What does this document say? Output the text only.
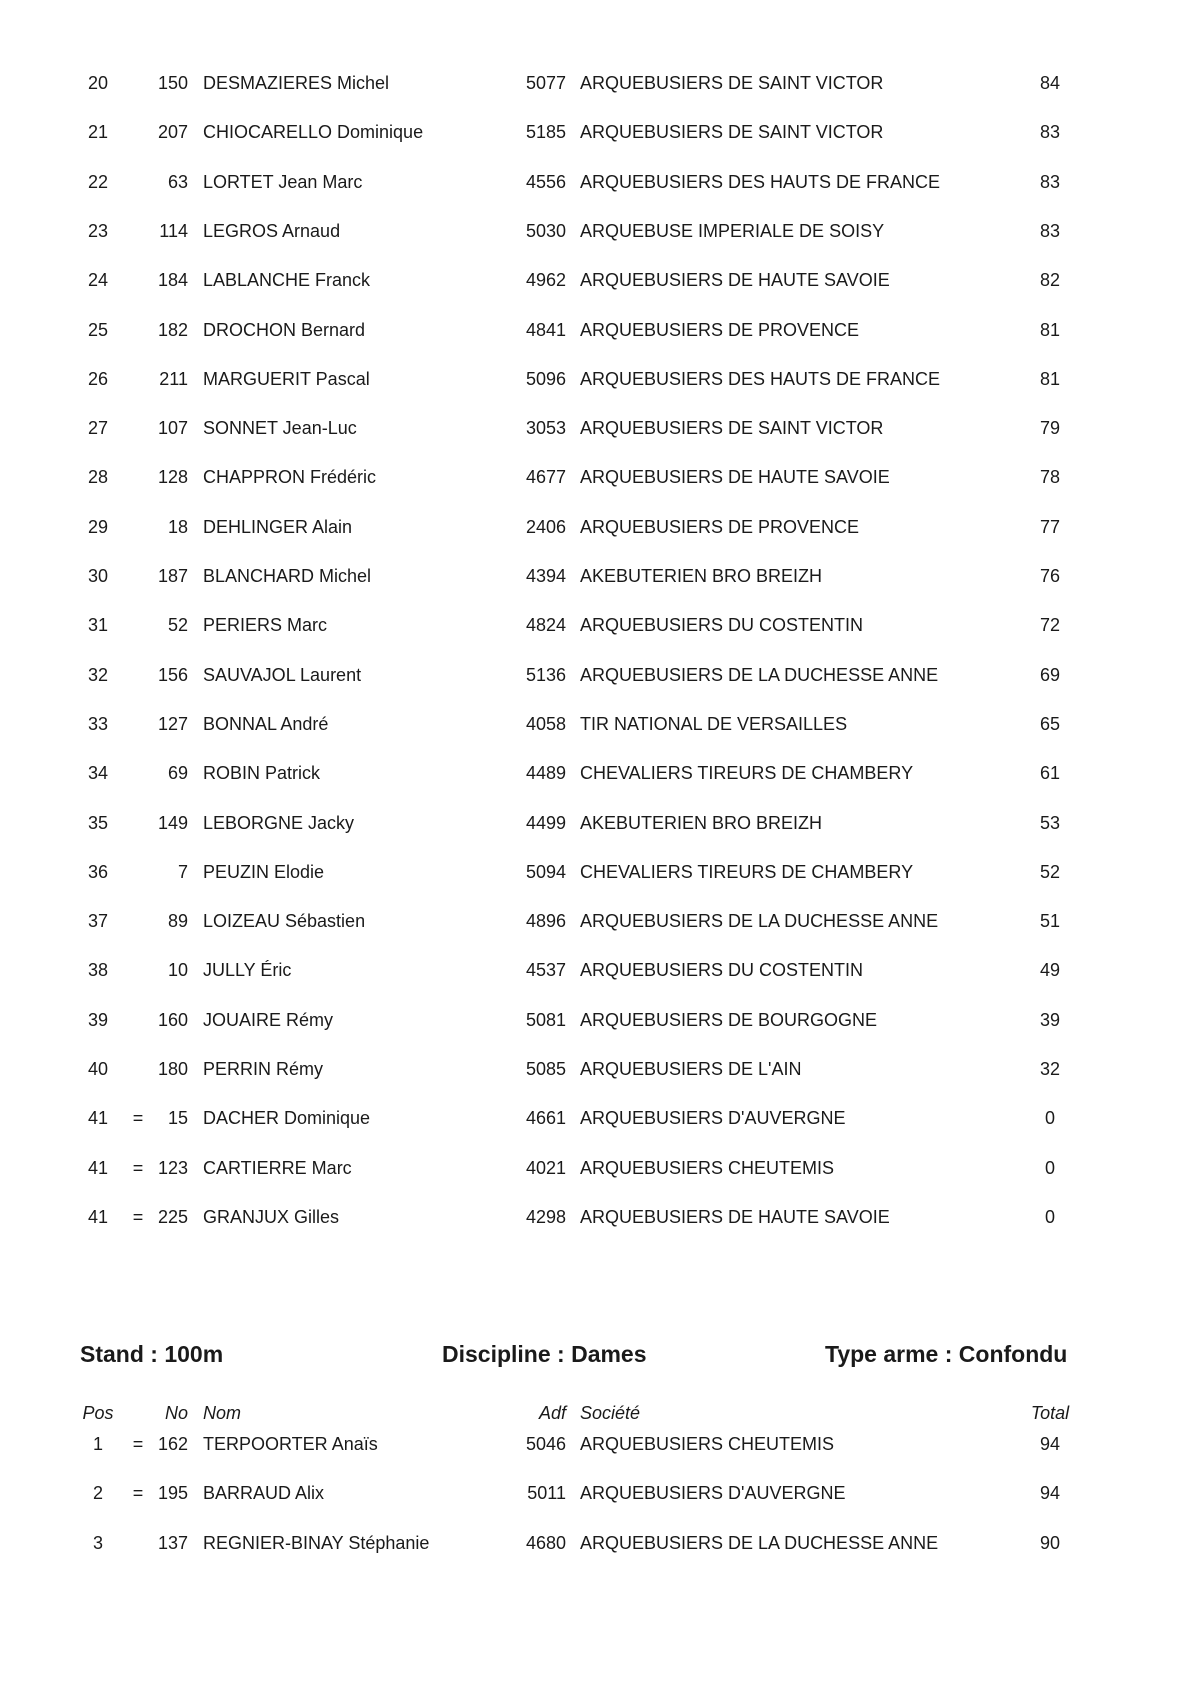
20	150 DESMAZIERES Michel	5077 ARQUEBUSIERS DE SAINT VICTOR	84
21	207 CHIOCARELLO Dominique	5185 ARQUEBUSIERS DE SAINT VICTOR	83
22	63 LORTET Jean Marc	4556 ARQUEBUSIERS DES HAUTS DE FRANCE	83
23	114 LEGROS Arnaud	5030 ARQUEBUSE IMPERIALE DE SOISY	83
24	184 LABLANCHE Franck	4962 ARQUEBUSIERS DE HAUTE SAVOIE	82
25	182 DROCHON Bernard	4841 ARQUEBUSIERS DE PROVENCE	81
26	211 MARGUERIT Pascal	5096 ARQUEBUSIERS DES HAUTS DE FRANCE	81
27	107 SONNET Jean-Luc	3053 ARQUEBUSIERS DE SAINT VICTOR	79
28	128 CHAPPRON Frédéric	4677 ARQUEBUSIERS DE HAUTE SAVOIE	78
29	18 DEHLINGER Alain	2406 ARQUEBUSIERS DE PROVENCE	77
30	187 BLANCHARD Michel	4394 AKEBUTERIEN BRO BREIZH	76
31	52 PERIERS Marc	4824 ARQUEBUSIERS DU COSTENTIN	72
32	156 SAUVAJOL Laurent	5136 ARQUEBUSIERS DE LA DUCHESSE ANNE	69
33	127 BONNAL André	4058 TIR NATIONAL DE VERSAILLES	65
34	69 ROBIN Patrick	4489 CHEVALIERS TIREURS DE CHAMBERY	61
35	149 LEBORGNE Jacky	4499 AKEBUTERIEN BRO BREIZH	53
36	7 PEUZIN Elodie	5094 CHEVALIERS TIREURS DE CHAMBERY	52
37	89 LOIZEAU Sébastien	4896 ARQUEBUSIERS DE LA DUCHESSE ANNE	51
38	10 JULLY Éric	4537 ARQUEBUSIERS DU COSTENTIN	49
39	160 JOUAIRE Rémy	5081 ARQUEBUSIERS DE BOURGOGNE	39
40	180 PERRIN Rémy	5085 ARQUEBUSIERS DE L'AIN	32
41	=	15 DACHER Dominique	4661 ARQUEBUSIERS D'AUVERGNE	0
41	= 123 CARTIERRE Marc	4021 ARQUEBUSIERS CHEUTEMIS	0
41	= 225 GRANJUX Gilles	4298 ARQUEBUSIERS DE HAUTE SAVOIE	0
Stand : 100m	Discipline : Dames	Type arme : Confondu
Pos	No Nom	Adf Société	Total
1	= 162 TERPOORTER Anaïs	5046 ARQUEBUSIERS CHEUTEMIS	94
2	= 195 BARRAUD Alix	5011 ARQUEBUSIERS D'AUVERGNE	94
3	137 REGNIER-BINAY Stéphanie	4680 ARQUEBUSIERS DE LA DUCHESSE ANNE	90
